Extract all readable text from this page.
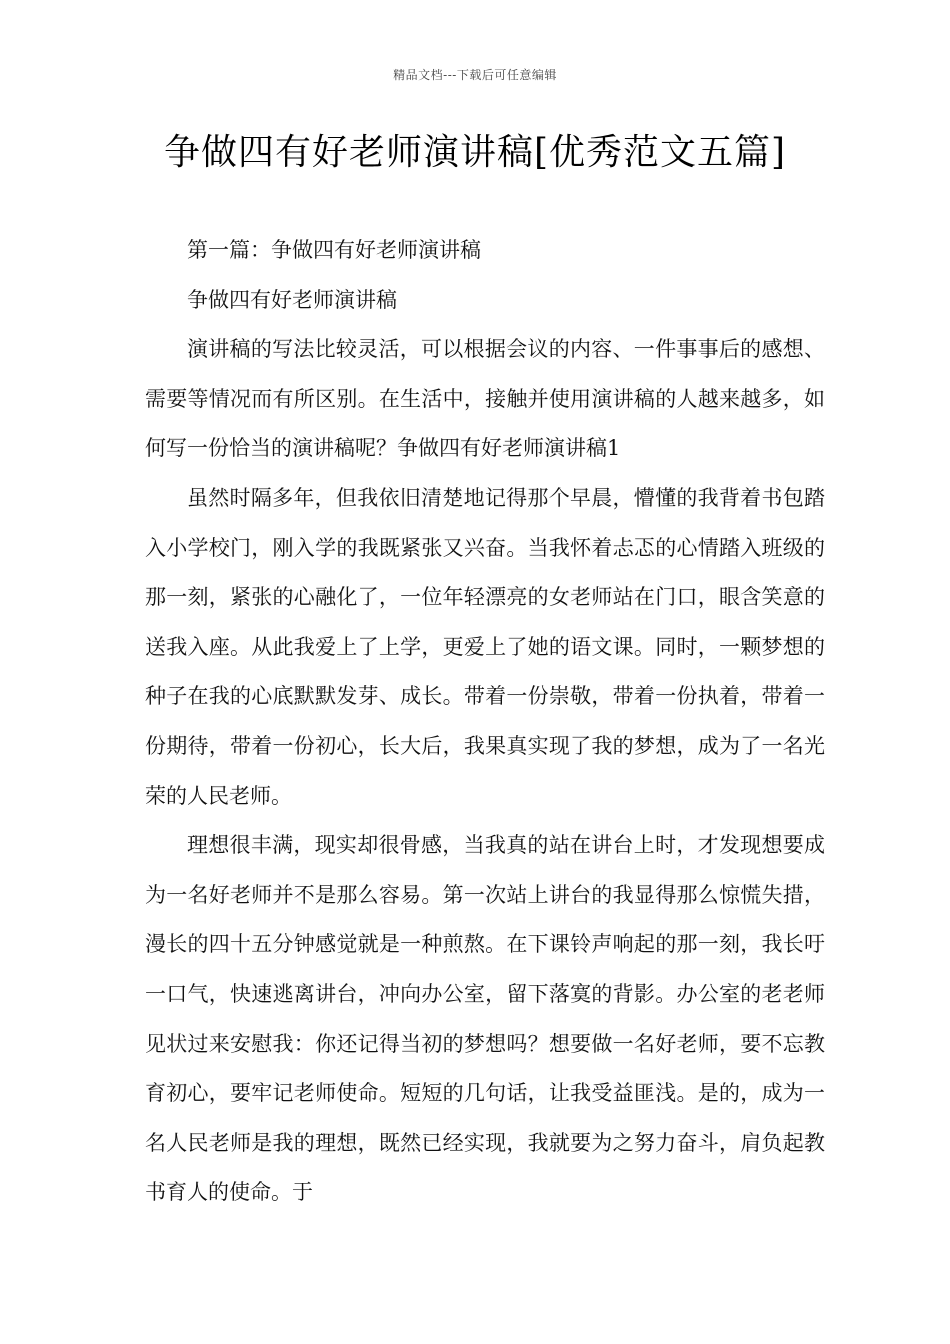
精品文档---下载后可任意编辑
争做四有好老师演讲稿[优秀范文五篇]

第一篇：争做四有好老师演讲稿

争做四有好老师演讲稿

演讲稿的写法比较灵活，可以根据会议的内容、一件事事后的感想、需要等情况而有所区别。在生活中，接触并使用演讲稿的人越来越多，如何写一份恰当的演讲稿呢？争做四有好老师演讲稿1

虽然时隔多年，但我依旧清楚地记得那个早晨，懵懂的我背着书包踏入小学校门，刚入学的我既紧张又兴奋。当我怀着忐忑的心情踏入班级的那一刻，紧张的心融化了，一位年轻漂亮的女老师站在门口，眼含笑意的送我入座。从此我爱上了上学，更爱上了她的语文课。同时，一颗梦想的种子在我的心底默默发芽、成长。带着一份崇敬，带着一份执着，带着一份期待，带着一份初心，长大后，我果真实现了我的梦想，成为了一名光荣的人民老师。

理想很丰满，现实却很骨感，当我真的站在讲台上时，才发现想要成为一名好老师并不是那么容易。第一次站上讲台的我显得那么惊慌失措，漫长的四十五分钟感觉就是一种煎熬。在下课铃声响起的那一刻，我长吁一口气，快速逃离讲台，冲向办公室，留下落寞的背影。办公室的老老师见状过来安慰我：你还记得当初的梦想吗？想要做一名好老师，要不忘教育初心，要牢记老师使命。短短的几句话，让我受益匪浅。是的，成为一名人民老师是我的理想，既然已经实现，我就要为之努力奋斗，肩负起教书育人的使命。于
